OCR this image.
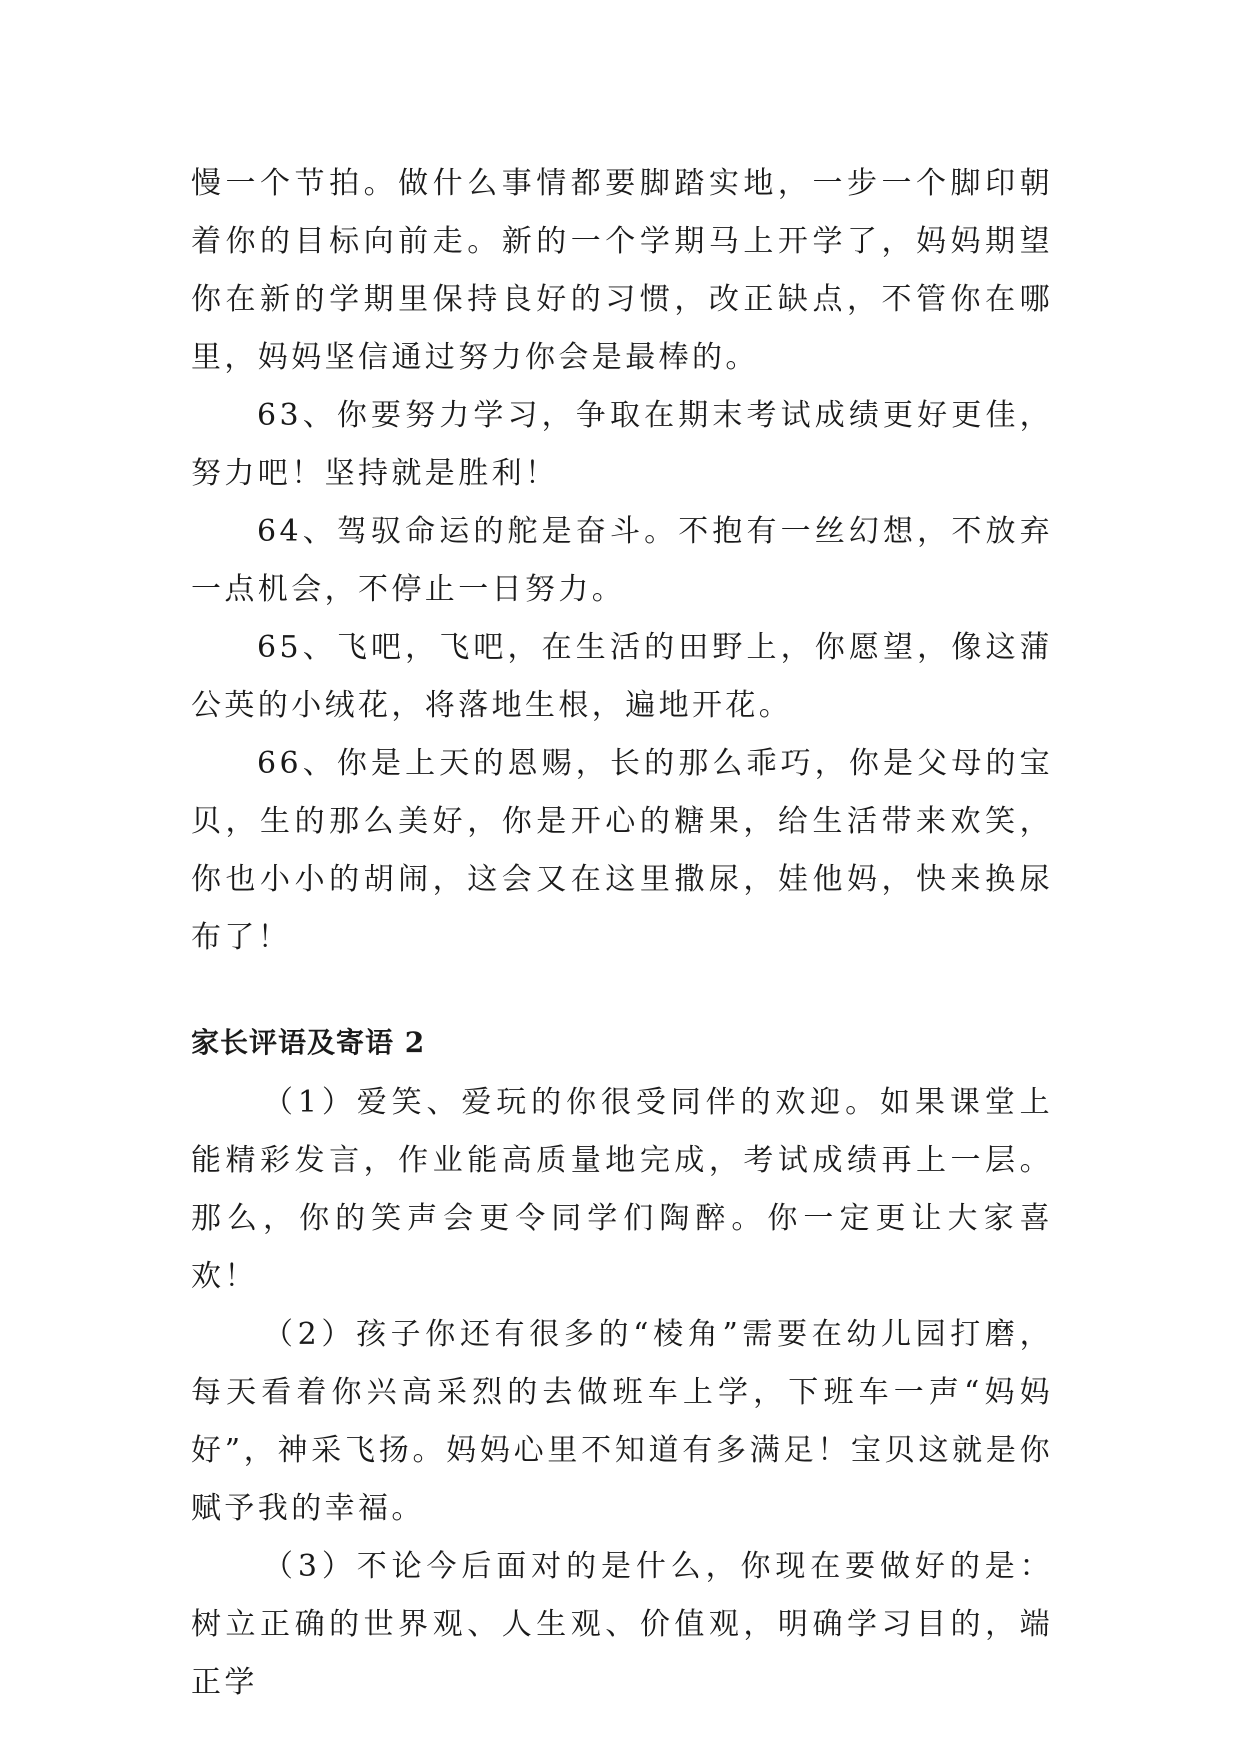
慢一个节拍。做什么事情都要脚踏实地，一步一个脚印朝着你的目标向前走。新的一个学期马上开学了，妈妈期望你在新的学期里保持良好的习惯，改正缺点，不管你在哪里，妈妈坚信通过努力你会是最棒的。

63、你要努力学习，争取在期末考试成绩更好更佳，努力吧！坚持就是胜利！

64、驾驭命运的舵是奋斗。不抱有一丝幻想，不放弃一点机会，不停止一日努力。

65、飞吧，飞吧，在生活的田野上，你愿望，像这蒲公英的小绒花，将落地生根，遍地开花。

66、你是上天的恩赐，长的那么乖巧，你是父母的宝贝，生的那么美好，你是开心的糖果，给生活带来欢笑，你也小小的胡闹，这会又在这里撒尿，娃他妈，快来换尿布了！

家长评语及寄语 2

（1）爱笑、爱玩的你很受同伴的欢迎。如果课堂上能精彩发言，作业能高质量地完成，考试成绩再上一层。那么，你的笑声会更令同学们陶醉。你一定更让大家喜欢！

（2）孩子你还有很多的“棱角”需要在幼儿园打磨，每天看着你兴高采烈的去做班车上学，下班车一声“妈妈好”，神采飞扬。妈妈心里不知道有多满足！宝贝这就是你赋予我的幸福。

（3）不论今后面对的是什么，你现在要做好的是：树立正确的世界观、人生观、价值观，明确学习目的，端正学
